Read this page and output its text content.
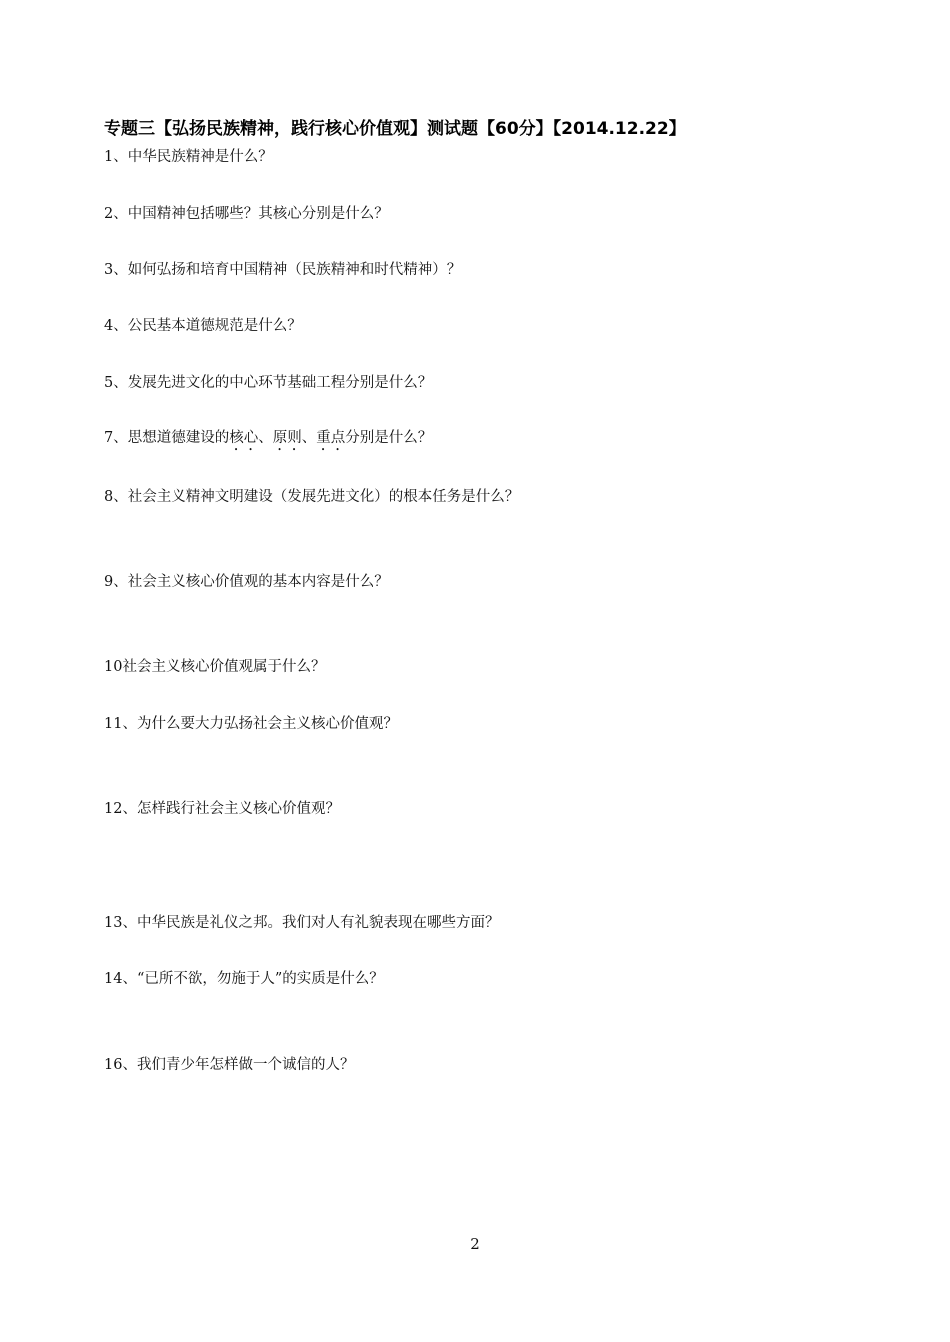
专题三【弘扬民族精神，践行核心价值观】测试题【60分】【2014.12.22】
1、中华民族精神是什么？
2、中国精神包括哪些？其核心分别是什么？
3、如何弘扬和培育中国精神（民族精神和时代精神）？
4、公民基本道德规范是什么？
5、发展先进文化的中心环节基础工程分别是什么？
7、思想道德建设的核心、原则、重点分别是什么？
8、社会主义精神文明建设（发展先进文化）的根本任务是什么？
9、社会主义核心价值观的基本内容是什么？
10社会主义核心价值观属于什么？
11、为什么要大力弘扬社会主义核心价值观？
12、怎样践行社会主义核心价值观？
13、中华民族是礼仪之邦。我们对人有礼貌表现在哪些方面？
14、“已所不欲，勿施于人”的实质是什么？
16、我们青少年怎样做一个诚信的人？
2
